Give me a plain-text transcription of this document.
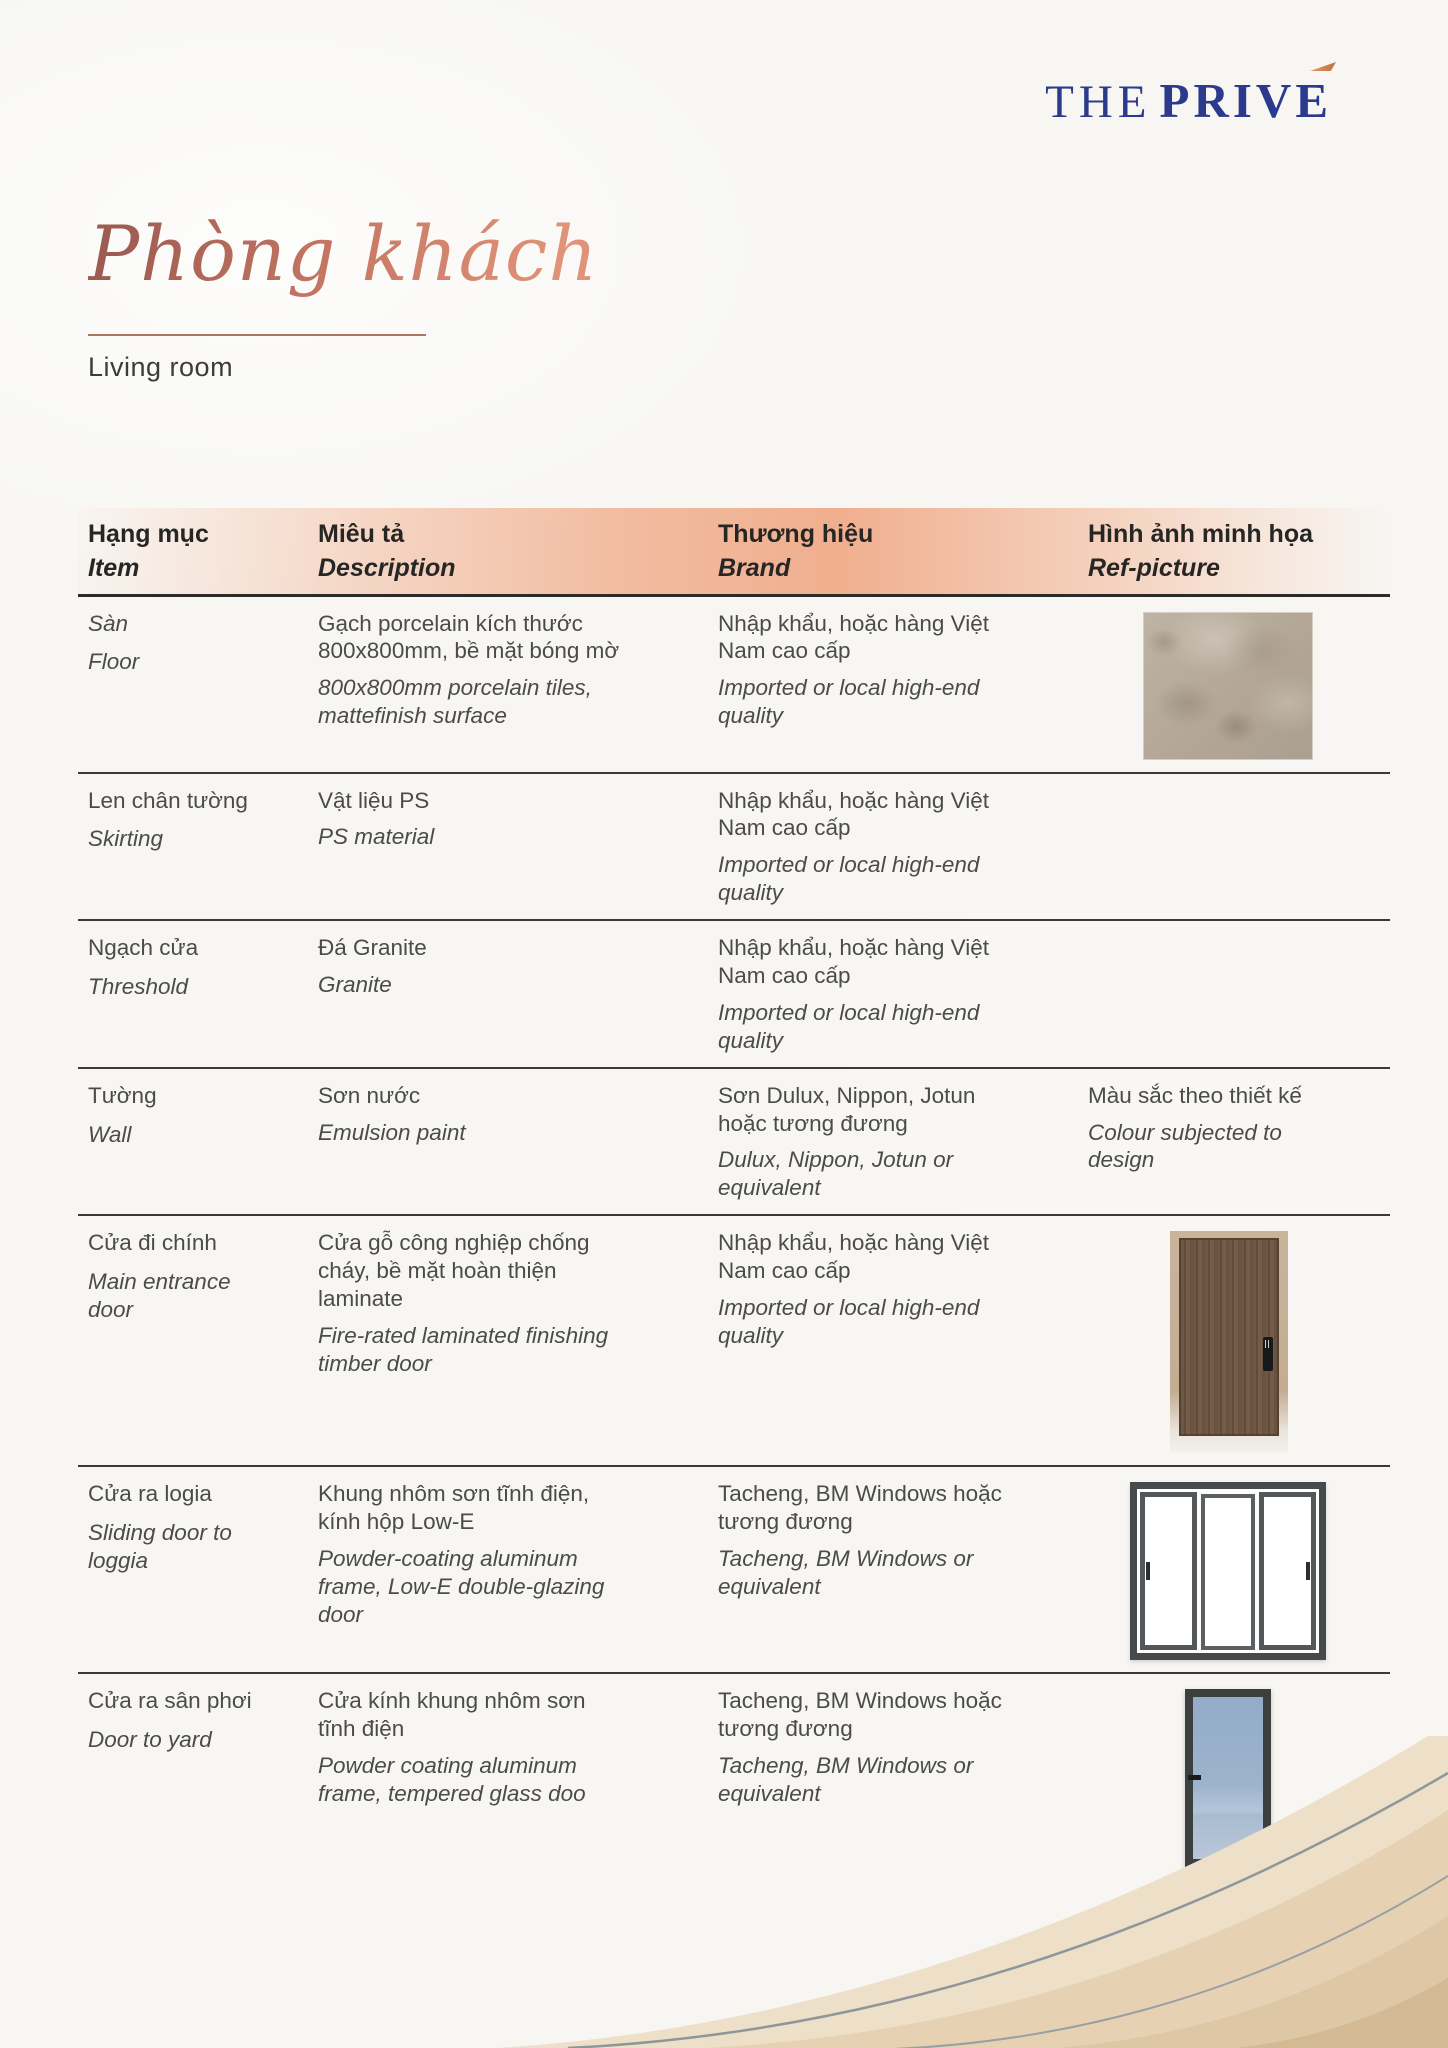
THE PRIVE
Phòng khách
Living room

Hạng mục

Item

Miêu tả

Description

Thương hiệu

Brand

Hình ảnh minh họa

Ref-picture

Sàn

Floor

Gạch porcelain kích thước 800x800mm, bề mặt bóng mờ

800x800mm porcelain tiles, mattefinish surface

Nhập khẩu, hoặc hàng Việt Nam cao cấp

Imported or local high-end quality

Len chân tường

Skirting

Vật liệu PS

PS material

Nhập khẩu, hoặc hàng Việt Nam cao cấp

Imported or local high-end quality

Ngạch cửa

Threshold

Đá Granite

Granite

Nhập khẩu, hoặc hàng Việt Nam cao cấp

Imported or local high-end quality

Tường

Wall

Sơn nước

Emulsion paint

Sơn Dulux, Nippon, Jotun hoặc tương đương

Dulux, Nippon, Jotun or equivalent

Màu sắc theo thiết kế

Colour subjected to design

Cửa đi chính

Main entrance door

Cửa gỗ công nghiệp chống cháy, bề mặt hoàn thiện laminate

Fire-rated laminated finishing timber door

Nhập khẩu, hoặc hàng Việt Nam cao cấp

Imported or local high-end quality

Cửa ra logia

Sliding door to loggia

Khung nhôm sơn tĩnh điện, kính hộp Low-E

Powder-coating aluminum frame, Low-E double-glazing door

Tacheng, BM Windows hoặc tương đương

Tacheng, BM Windows or equivalent

Cửa ra sân phơi

Door to yard

Cửa kính khung nhôm sơn tĩnh điện

Powder coating aluminum frame, tempered glass doo

Tacheng, BM Windows hoặc tương đương

Tacheng, BM Windows or equivalent
